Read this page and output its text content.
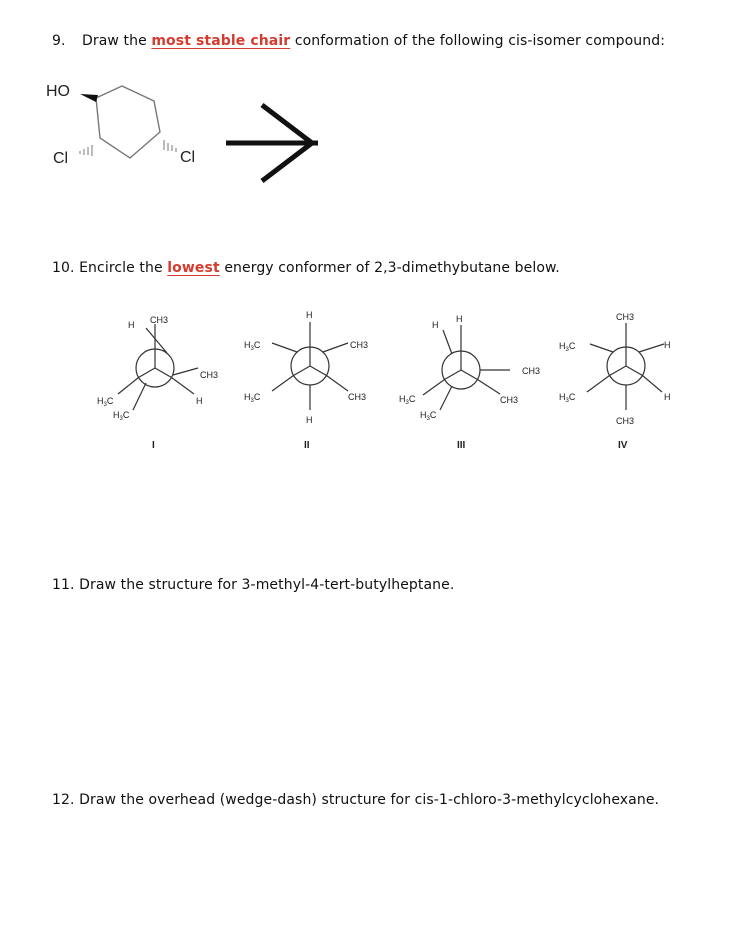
9. Draw the most stable chair conformation of the following cis-isomer compound:
10. Encircle the lowest energy conformer of 2,3-dimethybutane below.
11. Draw the structure for 3-methyl-4-tert-butylheptane.
12. Draw the overhead (wedge-dash) structure for cis-1-chloro-3-methylcyclohexane.
HO
Cl	Cl
CH3
H
CH3
H
$H_3C$
$H_3C$
I
H
$H_3C$	CH3
$H_3C$	CH3
H
II
H
H
CH3
$H_3C$
$H_3C$
CH3
III
CH3
$H_3C$	H
$H_3C$	H
CH3
IV
